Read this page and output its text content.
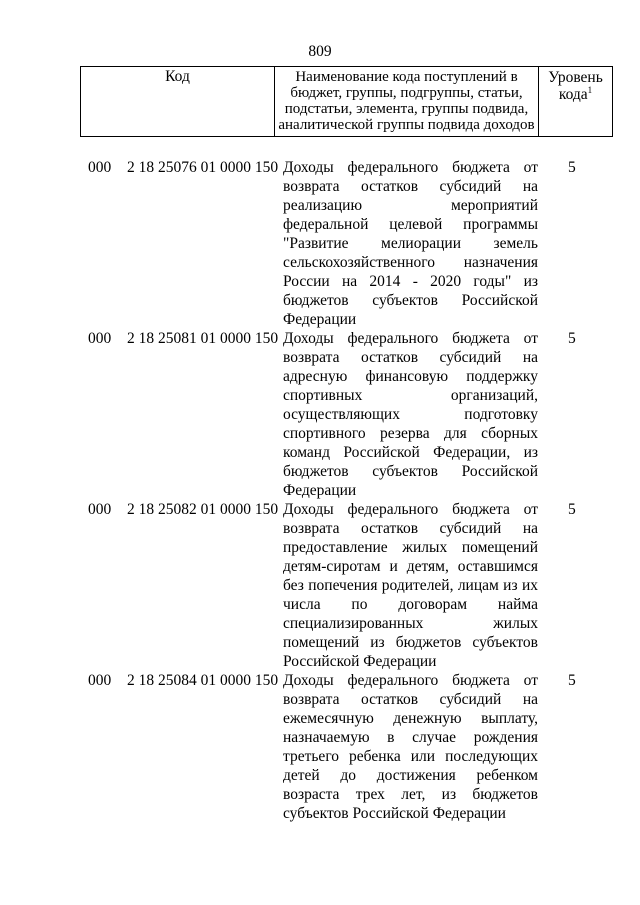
809
Код	Наименование кода поступлений в бюджет, группы, подгруппы, статьи, подстатьи, элемента, группы подвида, аналитической группы подвида доходов
Уровень кода$^1$
000 2 18 25076 01 0000 150 Доходы федерального бюджета от возврата остатков субсидий на реализацию мероприятий федеральной целевой программы "Развитие мелиорации земель сельскохозяйственного назначения России на 2014 - 2020 годы" из бюджетов субъектов Российской Федерации
5
000 2 18 25081 01 0000 150 Доходы федерального бюджета от возврата остатков субсидий на адресную финансовую поддержку спортивных организаций, осуществляющих подготовку спортивного резерва для сборных команд Российской Федерации, из бюджетов субъектов Российской Федерации
5
000 2 18 25082 01 0000 150 Доходы федерального бюджета от возврата остатков субсидий на предоставление жилых помещений детям-сиротам и детям, оставшимся без попечения родителей, лицам из их числа по договорам найма специализированных жилых помещений из бюджетов субъектов Российской Федерации
5
000 2 18 25084 01 0000 150 Доходы федерального бюджета от возврата остатков субсидий на ежемесячную денежную выплату, назначаемую в случае рождения третьего ребенка или последующих детей до достижения ребенком возраста трех лет, из бюджетов субъектов Российской Федерации
5
